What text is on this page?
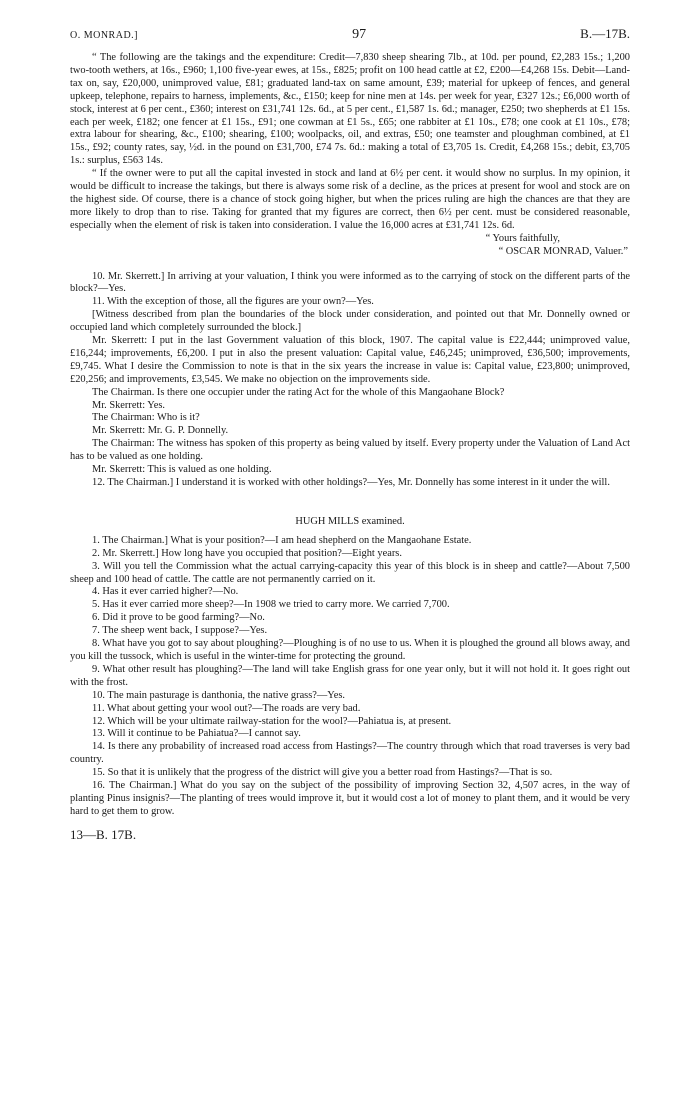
O. MONRAD.]	97	B.—17B.

“ The following are the takings and the expenditure: Credit—7,830 sheep shearing 7lb., at 10d. per pound, £2,283 15s.; 1,200 two-tooth wethers, at 16s., £960; 1,100 five-year ewes, at 15s., £825; profit on 100 head cattle at £2, £200—£4,268 15s. Debit—Land-tax on, say, £20,000, unimproved value, £81; graduated land-tax on same amount, £39; material for upkeep of fences, and general upkeep, telephone, repairs to harness, implements, &c., £150; keep for nine men at 14s. per week for year, £327 12s.; £6,000 worth of stock, interest at 6 per cent., £360; interest on £31,741 12s. 6d., at 5 per cent., £1,587 1s. 6d.; manager, £250; two shepherds at £1 15s. each per week, £182; one fencer at £1 15s., £91; one cowman at £1 5s., £65; one rabbiter at £1 10s., £78; one cook at £1 10s., £78; extra labour for shearing, &c., £100; shearing, £100; woolpacks, oil, and extras, £50; one teamster and ploughman combined, at £1 15s., £92; county rates, say, ½d. in the pound on £31,700, £74 7s. 6d.: making a total of £3,705 1s. Credit, £4,268 15s.; debit, £3,705 1s.: surplus, £563 14s.

“ If the owner were to put all the capital invested in stock and land at 6½ per cent. it would show no surplus. In my opinion, it would be difficult to increase the takings, but there is always some risk of a decline, as the prices at present for wool and stock are on the highest side. Of course, there is a chance of stock going higher, but when the prices ruling are high the chances are that they are more likely to drop than to rise. Taking for granted that my figures are correct, then 6½ per cent. must be considered reasonable, especially when the element of risk is taken into consideration. I value the 16,000 acres at £31,741 12s. 6d.

“ Yours faithfully,

“ OSCAR MONRAD, Valuer.”

10. Mr. Skerrett.] In arriving at your valuation, I think you were informed as to the carrying of stock on the different parts of the block?—Yes.

11. With the exception of those, all the figures are your own?—Yes.

[Witness described from plan the boundaries of the block under consideration, and pointed out that Mr. Donnelly owned or occupied land which completely surrounded the block.]

Mr. Skerrett: I put in the last Government valuation of this block, 1907. The capital value is £22,444; unimproved value, £16,244; improvements, £6,200. I put in also the present valuation: Capital value, £46,245; unimproved, £36,500; improvements, £9,745. What I desire the Commission to note is that in the six years the increase in value is: Capital value, £23,800; unimproved, £20,256; and improvements, £3,545. We make no objection on the improvements side.

The Chairman. Is there one occupier under the rating Act for the whole of this Mangaohane Block?

Mr. Skerrett: Yes.

The Chairman: Who is it?

Mr. Skerrett: Mr. G. P. Donnelly.

The Chairman: The witness has spoken of this property as being valued by itself. Every property under the Valuation of Land Act has to be valued as one holding.

Mr. Skerrett: This is valued as one holding.

12. The Chairman.] I understand it is worked with other holdings?—Yes, Mr. Donnelly has some interest in it under the will.

HUGH MILLS examined.

1. The Chairman.] What is your position?—I am head shepherd on the Mangaohane Estate.

2. Mr. Skerrett.] How long have you occupied that position?—Eight years.

3. Will you tell the Commission what the actual carrying-capacity this year of this block is in sheep and cattle?—About 7,500 sheep and 100 head of cattle. The cattle are not permanently carried on it.

4. Has it ever carried higher?—No.

5. Has it ever carried more sheep?—In 1908 we tried to carry more. We carried 7,700.

6. Did it prove to be good farming?—No.

7. The sheep went back, I suppose?—Yes.

8. What have you got to say about ploughing?—Ploughing is of no use to us. When it is ploughed the ground all blows away, and you kill the tussock, which is useful in the winter-time for protecting the ground.

9. What other result has ploughing?—The land will take English grass for one year only, but it will not hold it. It goes right out with the frost.

10. The main pasturage is danthonia, the native grass?—Yes.

11. What about getting your wool out?—The roads are very bad.

12. Which will be your ultimate railway-station for the wool?—Pahiatua is, at present.

13. Will it continue to be Pahiatua?—I cannot say.

14. Is there any probability of increased road access from Hastings?—The country through which that road traverses is very bad country.

15. So that it is unlikely that the progress of the district will give you a better road from Hastings?—That is so.

16. The Chairman.] What do you say on the subject of the possibility of improving Section 32, 4,507 acres, in the way of planting Pinus insignis?—The planting of trees would improve it, but it would cost a lot of money to plant them, and it would be very hard to get them to grow.

13—B. 17B.
